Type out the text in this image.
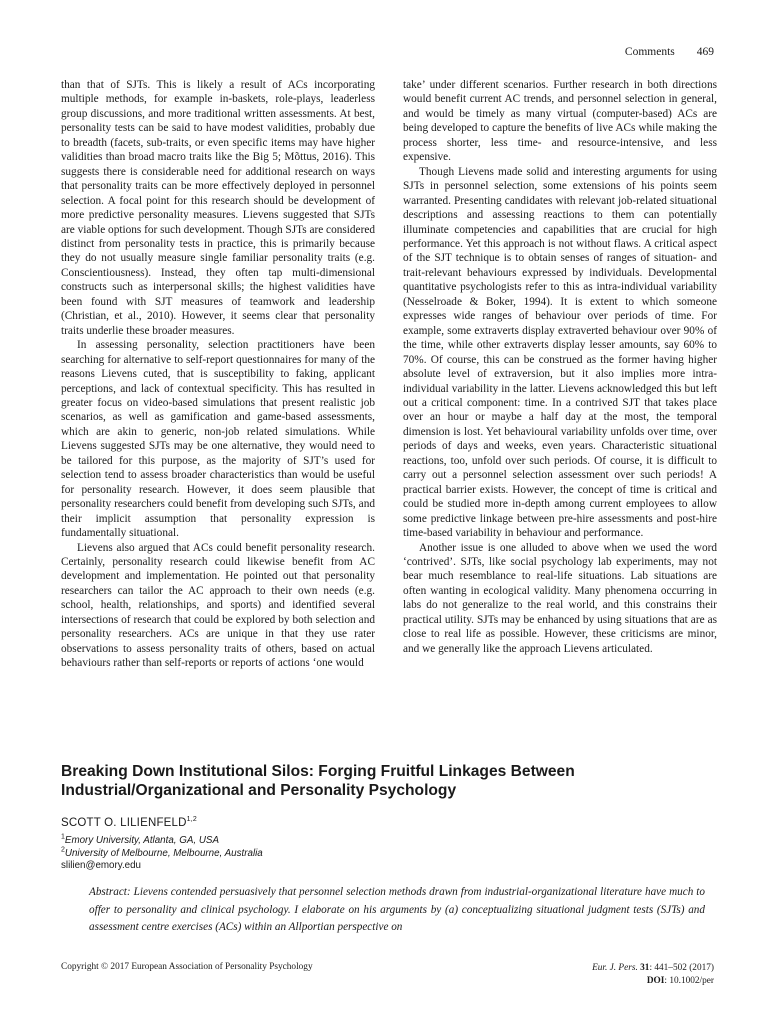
Comments 469

than that of SJTs. This is likely a result of ACs incorporating multiple methods, for example in-baskets, role-plays, leaderless group discussions, and more traditional written assessments. At best, personality tests can be said to have modest validities, probably due to breadth (facets, sub-traits, or even specific items may have higher validities than broad macro traits like the Big 5; Mõttus, 2016). This suggests there is considerable need for additional research on ways that personality traits can be more effectively deployed in personnel selection. A focal point for this research should be development of more predictive personality measures. Lievens suggested that SJTs are viable options for such development. Though SJTs are considered distinct from personality tests in practice, this is primarily because they do not usually measure single familiar personality traits (e.g. Conscientiousness). Instead, they often tap multi-dimensional constructs such as interpersonal skills; the highest validities have been found with SJT measures of teamwork and leadership (Christian, et al., 2010). However, it seems clear that personality traits underlie these broader measures.

In assessing personality, selection practitioners have been searching for alternative to self-report questionnaires for many of the reasons Lievens cuted, that is susceptibility to faking, applicant perceptions, and lack of contextual specificity. This has resulted in greater focus on video-based simulations that present realistic job scenarios, as well as gamification and game-based assessments, which are akin to generic, non-job related simulations. While Lievens suggested SJTs may be one alternative, they would need to be tailored for this purpose, as the majority of SJT’s used for selection tend to assess broader characteristics than would be useful for personality research. However, it does seem plausible that personality researchers could benefit from developing such SJTs, and their implicit assumption that personality expression is fundamentally situational.

Lievens also argued that ACs could benefit personality research. Certainly, personality research could likewise benefit from AC development and implementation. He pointed out that personality researchers can tailor the AC approach to their own needs (e.g. school, health, relationships, and sports) and identified several intersections of research that could be explored by both selection and personality researchers. ACs are unique in that they use rater observations to assess personality traits of others, based on actual behaviours rather than self-reports or reports of actions ‘one would

take’ under different scenarios. Further research in both directions would benefit current AC trends, and personnel selection in general, and would be timely as many virtual (computer-based) ACs are being developed to capture the benefits of live ACs while making the process shorter, less time- and resource-intensive, and less expensive.

Though Lievens made solid and interesting arguments for using SJTs in personnel selection, some extensions of his points seem warranted. Presenting candidates with relevant job-related situational descriptions and assessing reactions to them can potentially illuminate competencies and capabilities that are crucial for high performance. Yet this approach is not without flaws. A critical aspect of the SJT technique is to obtain senses of ranges of situation- and trait-relevant behaviours expressed by individuals. Developmental quantitative psychologists refer to this as intra-individual variability (Nesselroade & Boker, 1994). It is extent to which someone expresses wide ranges of behaviour over periods of time. For example, some extraverts display extraverted behaviour over 90% of the time, while other extraverts display lesser amounts, say 60% to 70%. Of course, this can be construed as the former having higher absolute level of extraversion, but it also implies more intra-individual variability in the latter. Lievens acknowledged this but left out a critical component: time. In a contrived SJT that takes place over an hour or maybe a half day at the most, the temporal dimension is lost. Yet behavioural variability unfolds over time, over periods of days and weeks, even years. Characteristic situational reactions, too, unfold over such periods. Of course, it is difficult to carry out a personnel selection assessment over such periods! A practical barrier exists. However, the concept of time is critical and could be studied more in-depth among current employees to allow some predictive linkage between pre-hire assessments and post-hire time-based variability in behaviour and performance.

Another issue is one alluded to above when we used the word ‘contrived’. SJTs, like social psychology lab experiments, may not bear much resemblance to real-life situations. Lab situations are often wanting in ecological validity. Many phenomena occurring in labs do not generalize to the real world, and this constrains their practical utility. SJTs may be enhanced by using situations that are as close to real life as possible. However, these criticisms are minor, and we generally like the approach Lievens articulated.

Breaking Down Institutional Silos: Forging Fruitful Linkages Between
Industrial/Organizational and Personality Psychology
SCOTT O. LILIENFELD$^{1,2}$
$^1$Emory University, Atlanta, GA, USA
$^2$University of Melbourne, Melbourne, Australia
slilien@emory.edu
Abstract: Lievens contended persuasively that personnel selection methods drawn from industrial-organizational literature have much to offer to personality and clinical psychology. I elaborate on his arguments by (a) conceptualizing situational judgment tests (SJTs) and assessment centre exercises (ACs) within an Allportian perspective on
Copyright © 2017 European Association of Personality Psychology	Eur. J. Pers. 31: 441–502 (2017)
DOI: 10.1002/per
